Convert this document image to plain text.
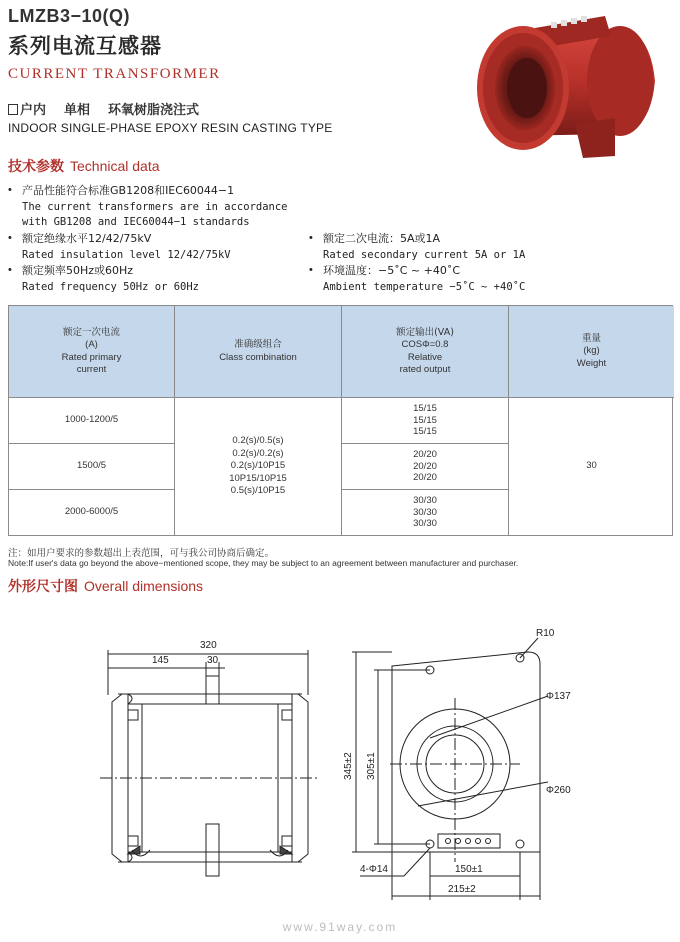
LMZB3−10(Q)
系列电流互感器
CURRENT TRANSFORMER
户内 单相 环氧树脂浇注式
INDOOR SINGLE-PHASE EPOXY RESIN CASTING TYPE
技术参数 Technical data
• 产品性能符合标准GB1208和IEC60044−1
The current transformers are in accordance
with GB1208 and IEC60044−1 standards
• 额定绝缘水平12/42/75kV
Rated insulation level 12/42/75kV
• 额定频率50Hz或60Hz
Rated frequency 50Hz or 60Hz
• 额定二次电流：5A或1A
Rated secondary current 5A or 1A
• 环境温度：−5˚C ~ +40˚C
Ambient temperature −5˚C ~ +40˚C
额定一次电流
(A)
Rated primary
current
准确级组合
Class combination
额定输出(VA)
COSΦ=0.8
Relative
rated output
重量
(kg)
Weight
1000-1200/5
1500/5
2000-6000/5
0.2(s)/0.5(s)
0.2(s)/0.2(s)
0.2(s)/10P15
10P15/10P15
0.5(s)/10P15
15/15
15/15
15/15
20/20
20/20
20/20
30/30
30/30
30/30
30
注：如用户要求的参数超出上表范围，可与我公司协商后确定。
Note:If user's data go beyond the above−mentioned scope, they may be subject to an agreement between manufacturer and purchaser.
外形尺寸图 Overall dimensions
320
145	30
R10
Φ137
Φ260
345±2 305±1
4-Φ14	150±1
215±2
www.91way.com
